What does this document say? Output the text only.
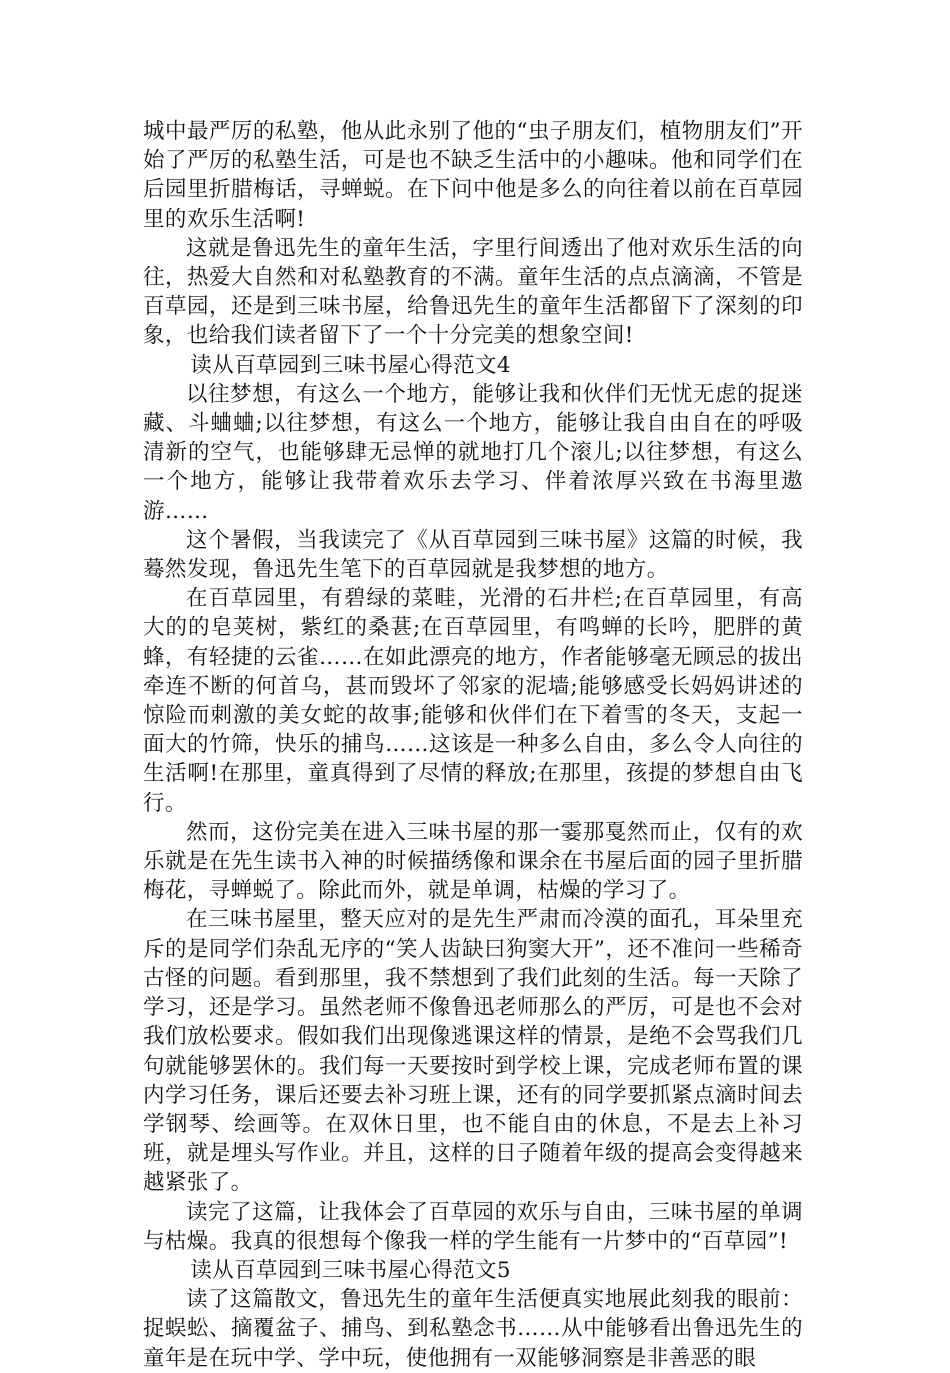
城中最严厉的私塾，他从此永别了他的“虫子朋友们，植物朋友们”开始了严厉的私塾生活，可是也不缺乏生活中的小趣味。他和同学们在后园里折腊梅话，寻蝉蜕。在下问中他是多么的向往着以前在百草园里的欢乐生活啊!

这就是鲁迅先生的童年生活，字里行间透出了他对欢乐生活的向往，热爱大自然和对私塾教育的不满。童年生活的点点滴滴，不管是百草园，还是到三味书屋，给鲁迅先生的童年生活都留下了深刻的印象，也给我们读者留下了一个十分完美的想象空间!

读从百草园到三味书屋心得范文4

以往梦想，有这么一个地方，能够让我和伙伴们无忧无虑的捉迷藏、斗蛐蛐;以往梦想，有这么一个地方，能够让我自由自在的呼吸清新的空气，也能够肆无忌惮的就地打几个滚儿;以往梦想，有这么一个地方，能够让我带着欢乐去学习、伴着浓厚兴致在书海里遨游……

这个暑假，当我读完了《从百草园到三味书屋》这篇的时候，我蓦然发现，鲁迅先生笔下的百草园就是我梦想的地方。

在百草园里，有碧绿的菜畦，光滑的石井栏;在百草园里，有高大的的皂荚树，紫红的桑葚;在百草园里，有鸣蝉的长吟，肥胖的黄蜂，有轻捷的云雀……在如此漂亮的地方，作者能够毫无顾忌的拔出牵连不断的何首乌，甚而毁坏了邻家的泥墙;能够感受长妈妈讲述的惊险而刺激的美女蛇的故事;能够和伙伴们在下着雪的冬天，支起一面大的竹筛，快乐的捕鸟……这该是一种多么自由，多么令人向往的生活啊!在那里，童真得到了尽情的释放;在那里，孩提的梦想自由飞行。

然而，这份完美在进入三味书屋的那一霎那戛然而止，仅有的欢乐就是在先生读书入神的时候描绣像和课余在书屋后面的园子里折腊梅花，寻蝉蜕了。除此而外，就是单调，枯燥的学习了。

在三味书屋里，整天应对的是先生严肃而冷漠的面孔，耳朵里充斥的是同学们杂乱无序的“笑人齿缺曰狗窦大开”，还不准问一些稀奇古怪的问题。看到那里，我不禁想到了我们此刻的生活。每一天除了学习，还是学习。虽然老师不像鲁迅老师那么的严厉，可是也不会对我们放松要求。假如我们出现像逃课这样的情景，是绝不会骂我们几句就能够罢休的。我们每一天要按时到学校上课，完成老师布置的课内学习任务，课后还要去补习班上课，还有的同学要抓紧点滴时间去学钢琴、绘画等。在双休日里，也不能自由的休息，不是去上补习班，就是埋头写作业。并且，这样的日子随着年级的提高会变得越来越紧张了。

读完了这篇，让我体会了百草园的欢乐与自由，三味书屋的单调与枯燥。我真的很想每个像我一样的学生能有一片梦中的“百草园”!

读从百草园到三味书屋心得范文5

读了这篇散文，鲁迅先生的童年生活便真实地展此刻我的眼前：捉蜈蚣、摘覆盆子、捕鸟、到私塾念书……从中能够看出鲁迅先生的童年是在玩中学、学中玩，使他拥有一双能够洞察是非善恶的眼
